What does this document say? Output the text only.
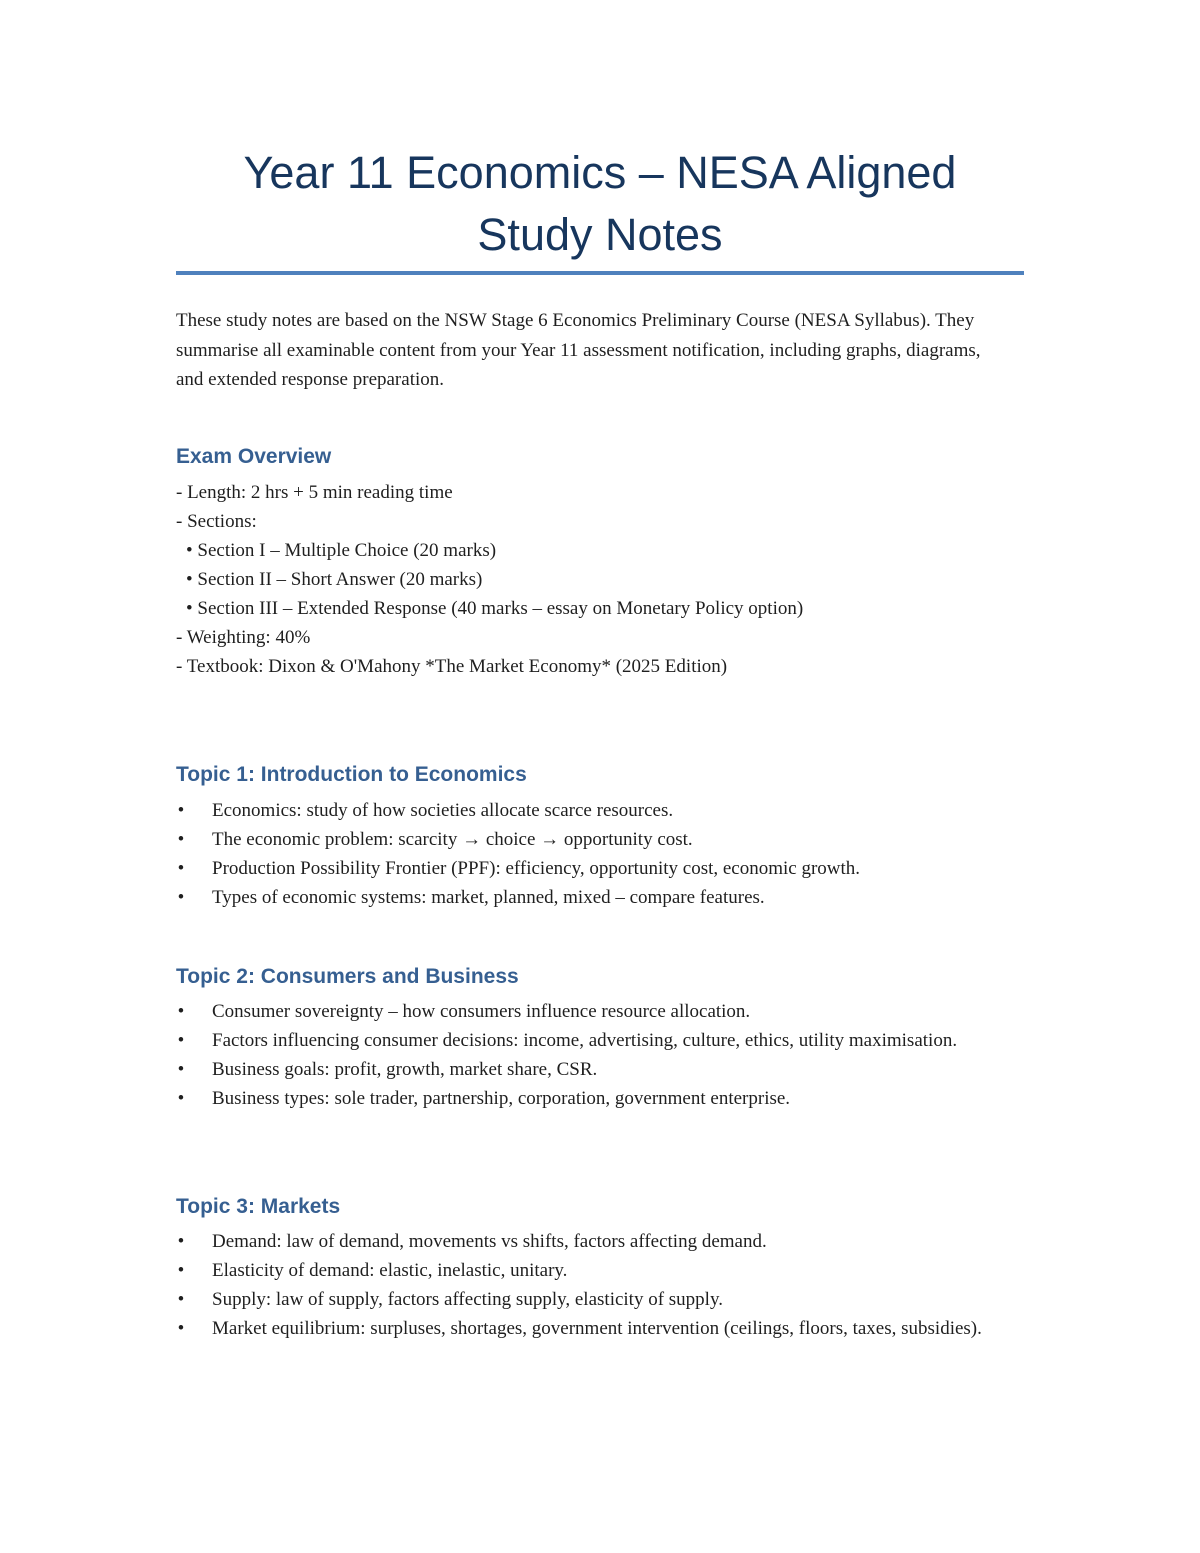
Year 11 Economics – NESA Aligned
Study Notes

These study notes are based on the NSW Stage 6 Economics Preliminary Course (NESA Syllabus). They summarise all examinable content from your Year 11 assessment notification, including graphs, diagrams, and extended response preparation.

Exam Overview
- Length: 2 hrs + 5 min reading time
- Sections:
• Section I – Multiple Choice (20 marks)
• Section II – Short Answer (20 marks)
• Section III – Extended Response (40 marks – essay on Monetary Policy option)
- Weighting: 40%
- Textbook: Dixon & O'Mahony *The Market Economy* (2025 Edition)
Topic 1: Introduction to Economics
• Economics: study of how societies allocate scarce resources.
• The economic problem: scarcity → choice → opportunity cost.
• Production Possibility Frontier (PPF): efficiency, opportunity cost, economic growth.
• Types of economic systems: market, planned, mixed – compare features.
Topic 2: Consumers and Business
• Consumer sovereignty – how consumers influence resource allocation.
• Factors influencing consumer decisions: income, advertising, culture, ethics, utility maximisation.
• Business goals: profit, growth, market share, CSR.
• Business types: sole trader, partnership, corporation, government enterprise.
Topic 3: Markets
• Demand: law of demand, movements vs shifts, factors affecting demand.
• Elasticity of demand: elastic, inelastic, unitary.
• Supply: law of supply, factors affecting supply, elasticity of supply.
• Market equilibrium: surpluses, shortages, government intervention (ceilings, floors, taxes, subsidies).
